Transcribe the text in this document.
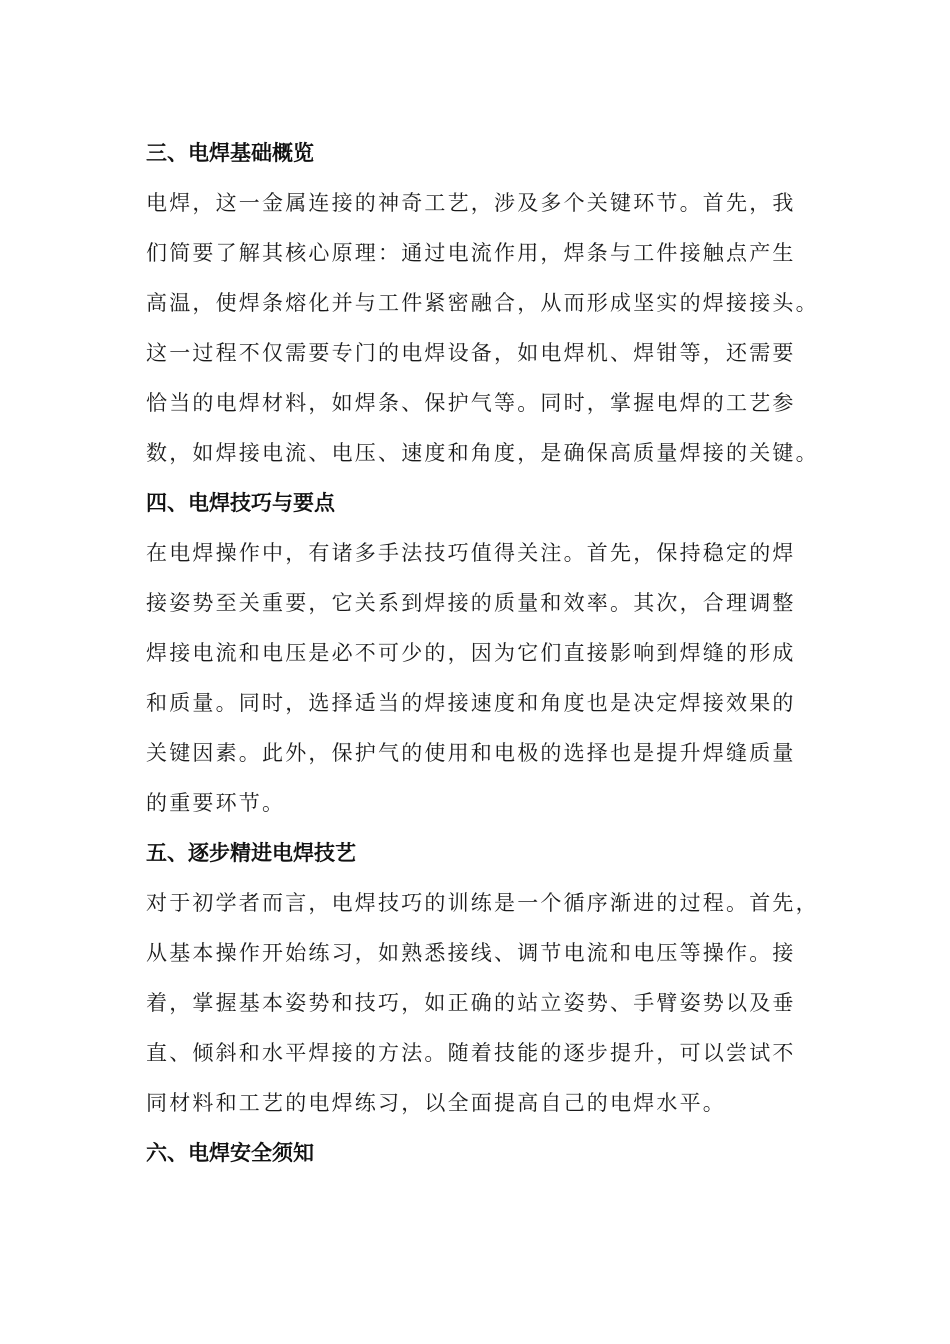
三、电焊基础概览
电焊，这一金属连接的神奇工艺，涉及多个关键环节。首先，我
们简要了解其核心原理：通过电流作用，焊条与工件接触点产生
高温，使焊条熔化并与工件紧密融合，从而形成坚实的焊接接头。
这一过程不仅需要专门的电焊设备，如电焊机、焊钳等，还需要
恰当的电焊材料，如焊条、保护气等。同时，掌握电焊的工艺参
数，如焊接电流、电压、速度和角度，是确保高质量焊接的关键。
四、电焊技巧与要点
在电焊操作中，有诸多手法技巧值得关注。首先，保持稳定的焊
接姿势至关重要，它关系到焊接的质量和效率。其次，合理调整
焊接电流和电压是必不可少的，因为它们直接影响到焊缝的形成
和质量。同时，选择适当的焊接速度和角度也是决定焊接效果的
关键因素。此外，保护气的使用和电极的选择也是提升焊缝质量
的重要环节。
五、逐步精进电焊技艺
对于初学者而言，电焊技巧的训练是一个循序渐进的过程。首先，
从基本操作开始练习，如熟悉接线、调节电流和电压等操作。接
着，掌握基本姿势和技巧，如正确的站立姿势、手臂姿势以及垂
直、倾斜和水平焊接的方法。随着技能的逐步提升，可以尝试不
同材料和工艺的电焊练习，以全面提高自己的电焊水平。
六、电焊安全须知
